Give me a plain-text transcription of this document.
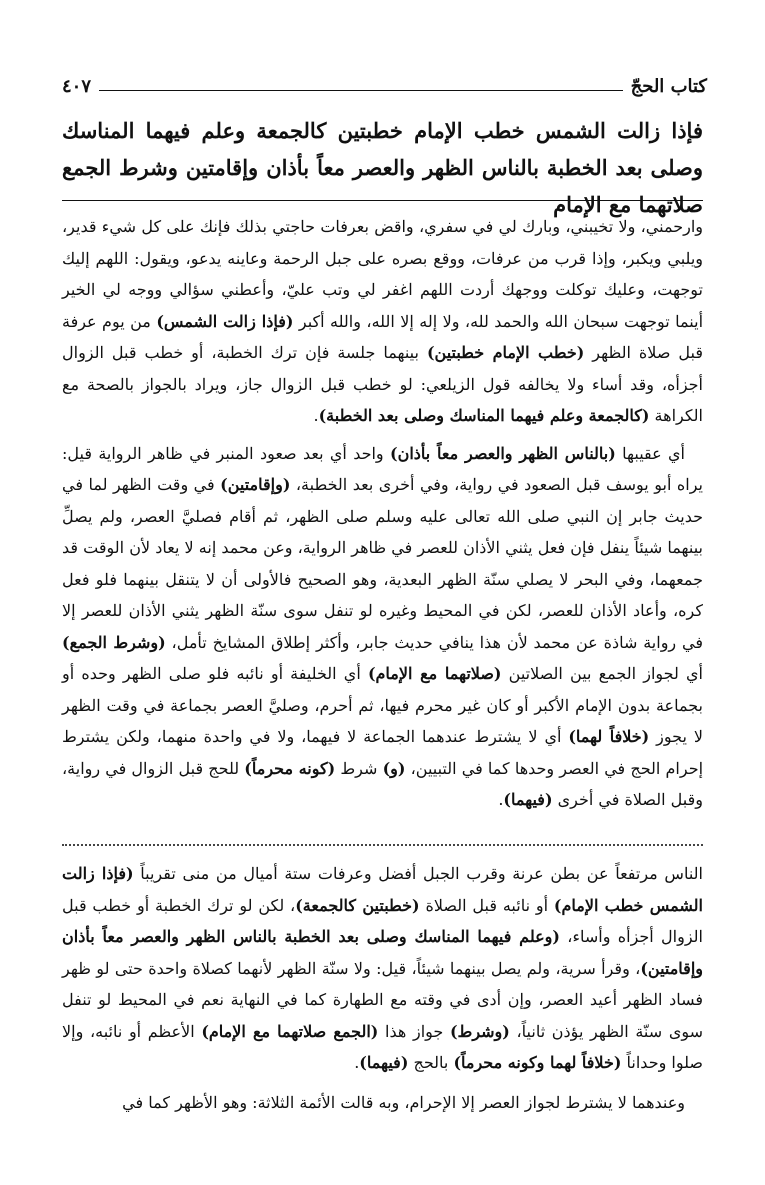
كتاب الحجّ
٤٠٧
فإذا زالت الشمس خطب الإمام خطبتين كالجمعة وعلم فيهما المناسك وصلى بعد الخطبة بالناس الظهر والعصر معاً بأذان وإقامتين وشرط الجمع صلاتهما مع الإمام

وارحمني، ولا تخيبني، وبارك لي في سفري، واقض بعرفات حاجتي بذلك فإنك على كل شيء قدير، ويلبي ويكبر، وإذا قرب من عرفات، ووقع بصره على جبل الرحمة وعاينه يدعو، ويقول: اللهم إليك توجهت، وعليك توكلت ووجهك أردت اللهم اغفر لي وتب عليّ، وأعطني سؤالي ووجه لي الخير أينما توجهت سبحان الله والحمد لله، ولا إله إلا الله، والله أكبر (فإذا زالت الشمس) من يوم عرفة قبل صلاة الظهر (خطب الإمام خطبتين) بينهما جلسة فإن ترك الخطبة، أو خطب قبل الزوال أجزأه، وقد أساء ولا يخالفه قول الزيلعي: لو خطب قبل الزوال جاز، ويراد بالجواز بالصحة مع الكراهة (كالجمعة وعلم فيهما المناسك وصلى بعد الخطبة).

أي عقيبها (بالناس الظهر والعصر معاً بأذان) واحد أي بعد صعود المنبر في ظاهر الرواية قيل: يراه أبو يوسف قبل الصعود في رواية، وفي أخرى بعد الخطبة، (وإقامتين) في وقت الظهر لما في حديث جابر إن النبي صلى الله تعالى عليه وسلم صلى الظهر، ثم أقام فصليَّ العصر، ولم يصلِّ بينهما شيئاً ينفل فإن فعل يثني الأذان للعصر في ظاهر الرواية، وعن محمد إنه لا يعاد لأن الوقت قد جمعهما، وفي البحر لا يصلي سنّة الظهر البعدية، وهو الصحيح فالأولى أن لا يتنقل بينهما فلو فعل كره، وأعاد الأذان للعصر، لكن في المحيط وغيره لو تنفل سوى سنّة الظهر يثني الأذان للعصر إلا في رواية شاذة عن محمد لأن هذا ينافي حديث جابر، وأكثر إطلاق المشايخ تأمل، (وشرط الجمع) أي لجواز الجمع بين الصلاتين (صلاتهما مع الإمام) أي الخليفة أو نائبه فلو صلى الظهر وحده أو بجماعة بدون الإمام الأكبر أو كان غير محرم فيها، ثم أحرم، وصليَّ العصر بجماعة في وقت الظهر لا يجوز (خلافاً لهما) أي لا يشترط عندهما الجماعة لا فيهما، ولا في واحدة منهما، ولكن يشترط إحرام الحج في العصر وحدها كما في التبيين، (و) شرط (كونه محرماً) للحج قبل الزوال في رواية، وقبل الصلاة في أخرى (فيهما).

الناس مرتفعاً عن بطن عرنة وقرب الجبل أفضل وعرفات ستة أميال من منى تقريباً (فإذا زالت الشمس خطب الإمام) أو نائبه قبل الصلاة (خطبتين كالجمعة)، لكن لو ترك الخطبة أو خطب قبل الزوال أجزأه وأساء، (وعلم فيهما المناسك وصلى بعد الخطبة بالناس الظهر والعصر معاً بأذان وإقامتين)، وقرأ سرية، ولم يصل بينهما شيئاً، قيل: ولا سنّة الظهر لأنهما كصلاة واحدة حتى لو ظهر فساد الظهر أعيد العصر، وإن أدى في وقته مع الطهارة كما في النهاية نعم في المحيط لو تنفل سوى سنّة الظهر يؤذن ثانياً، (وشرط) جواز هذا (الجمع صلاتهما مع الإمام) الأعظم أو نائبه، وإلا صلوا وحداناً (خلافاً لهما وكونه محرماً) بالحج (فيهما).

وعندهما لا يشترط لجواز العصر إلا الإحرام، وبه قالت الأئمة الثلاثة: وهو الأظهر كما في
